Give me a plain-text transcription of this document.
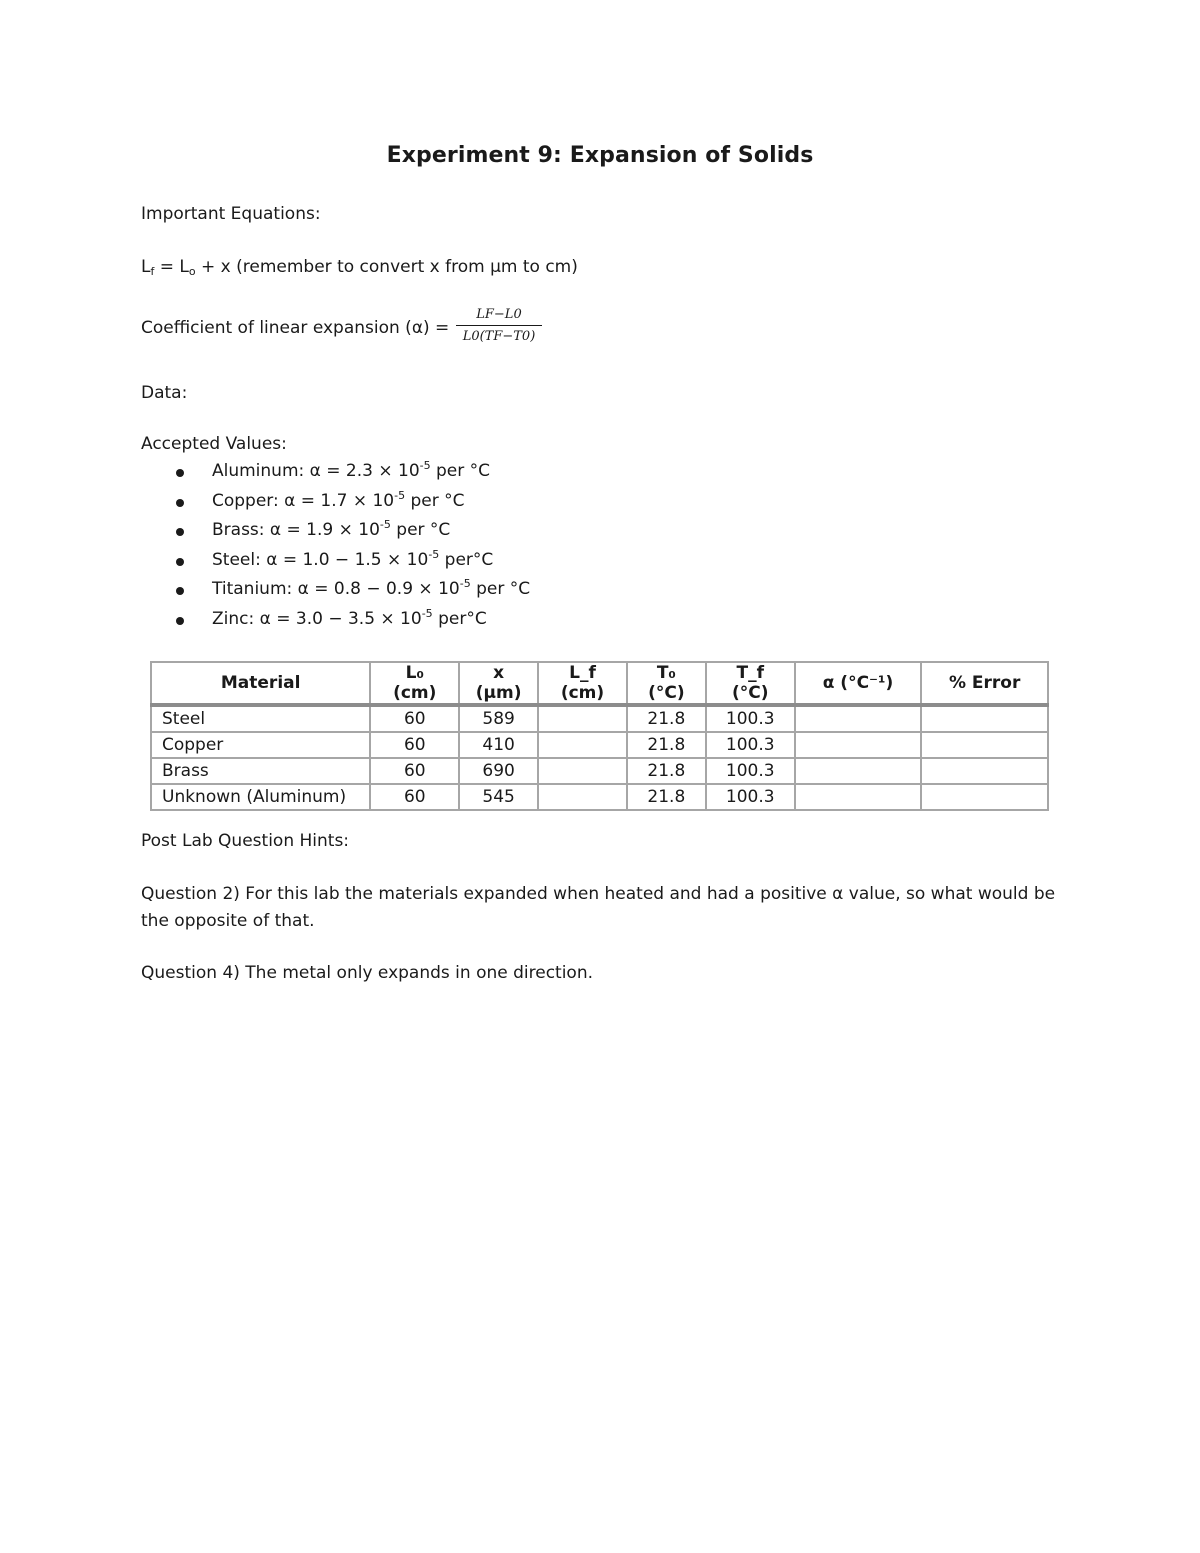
Experiment 9: Expansion of Solids
Important Equations:
Lf = Lo + x (remember to convert x from μm to cm)
Coefficient of linear expansion $(\alpha) = \frac{LF-L0}{L0(TF-T0)}$
Data:
Accepted Values:
Aluminum: $\alpha = 2.3 \times 10^{-5}$ per °C
Copper: $\alpha = 1.7 \times 10^{-5}$ per °C
Brass: $\alpha = 1.9 \times 10^{-5}$ per °C
Steel: $\alpha = 1.0 - 1.5 \times 10^{-5}$ per°C
Titanium: $\alpha = 0.8 - 0.9 \times 10^{-5}$ per °C
Zinc: $\alpha = 3.0 - 3.5 \times 10^{-5}$ per°C
Material	L₀ (cm)	x (μm)	L_f (cm)	T₀ (°C)	T_f (°C)	α (°C⁻¹)	% Error
Steel	60	589		21.8	100.3		
Copper	60	410		21.8	100.3		
Brass	60	690		21.8	100.3		
Unknown (Aluminum)	60	545		21.8	100.3		
Post Lab Question Hints:
Question 2) For this lab the materials expanded when heated and had a positive α value, so what would be the opposite of that.
Question 4) The metal only expands in one direction.
